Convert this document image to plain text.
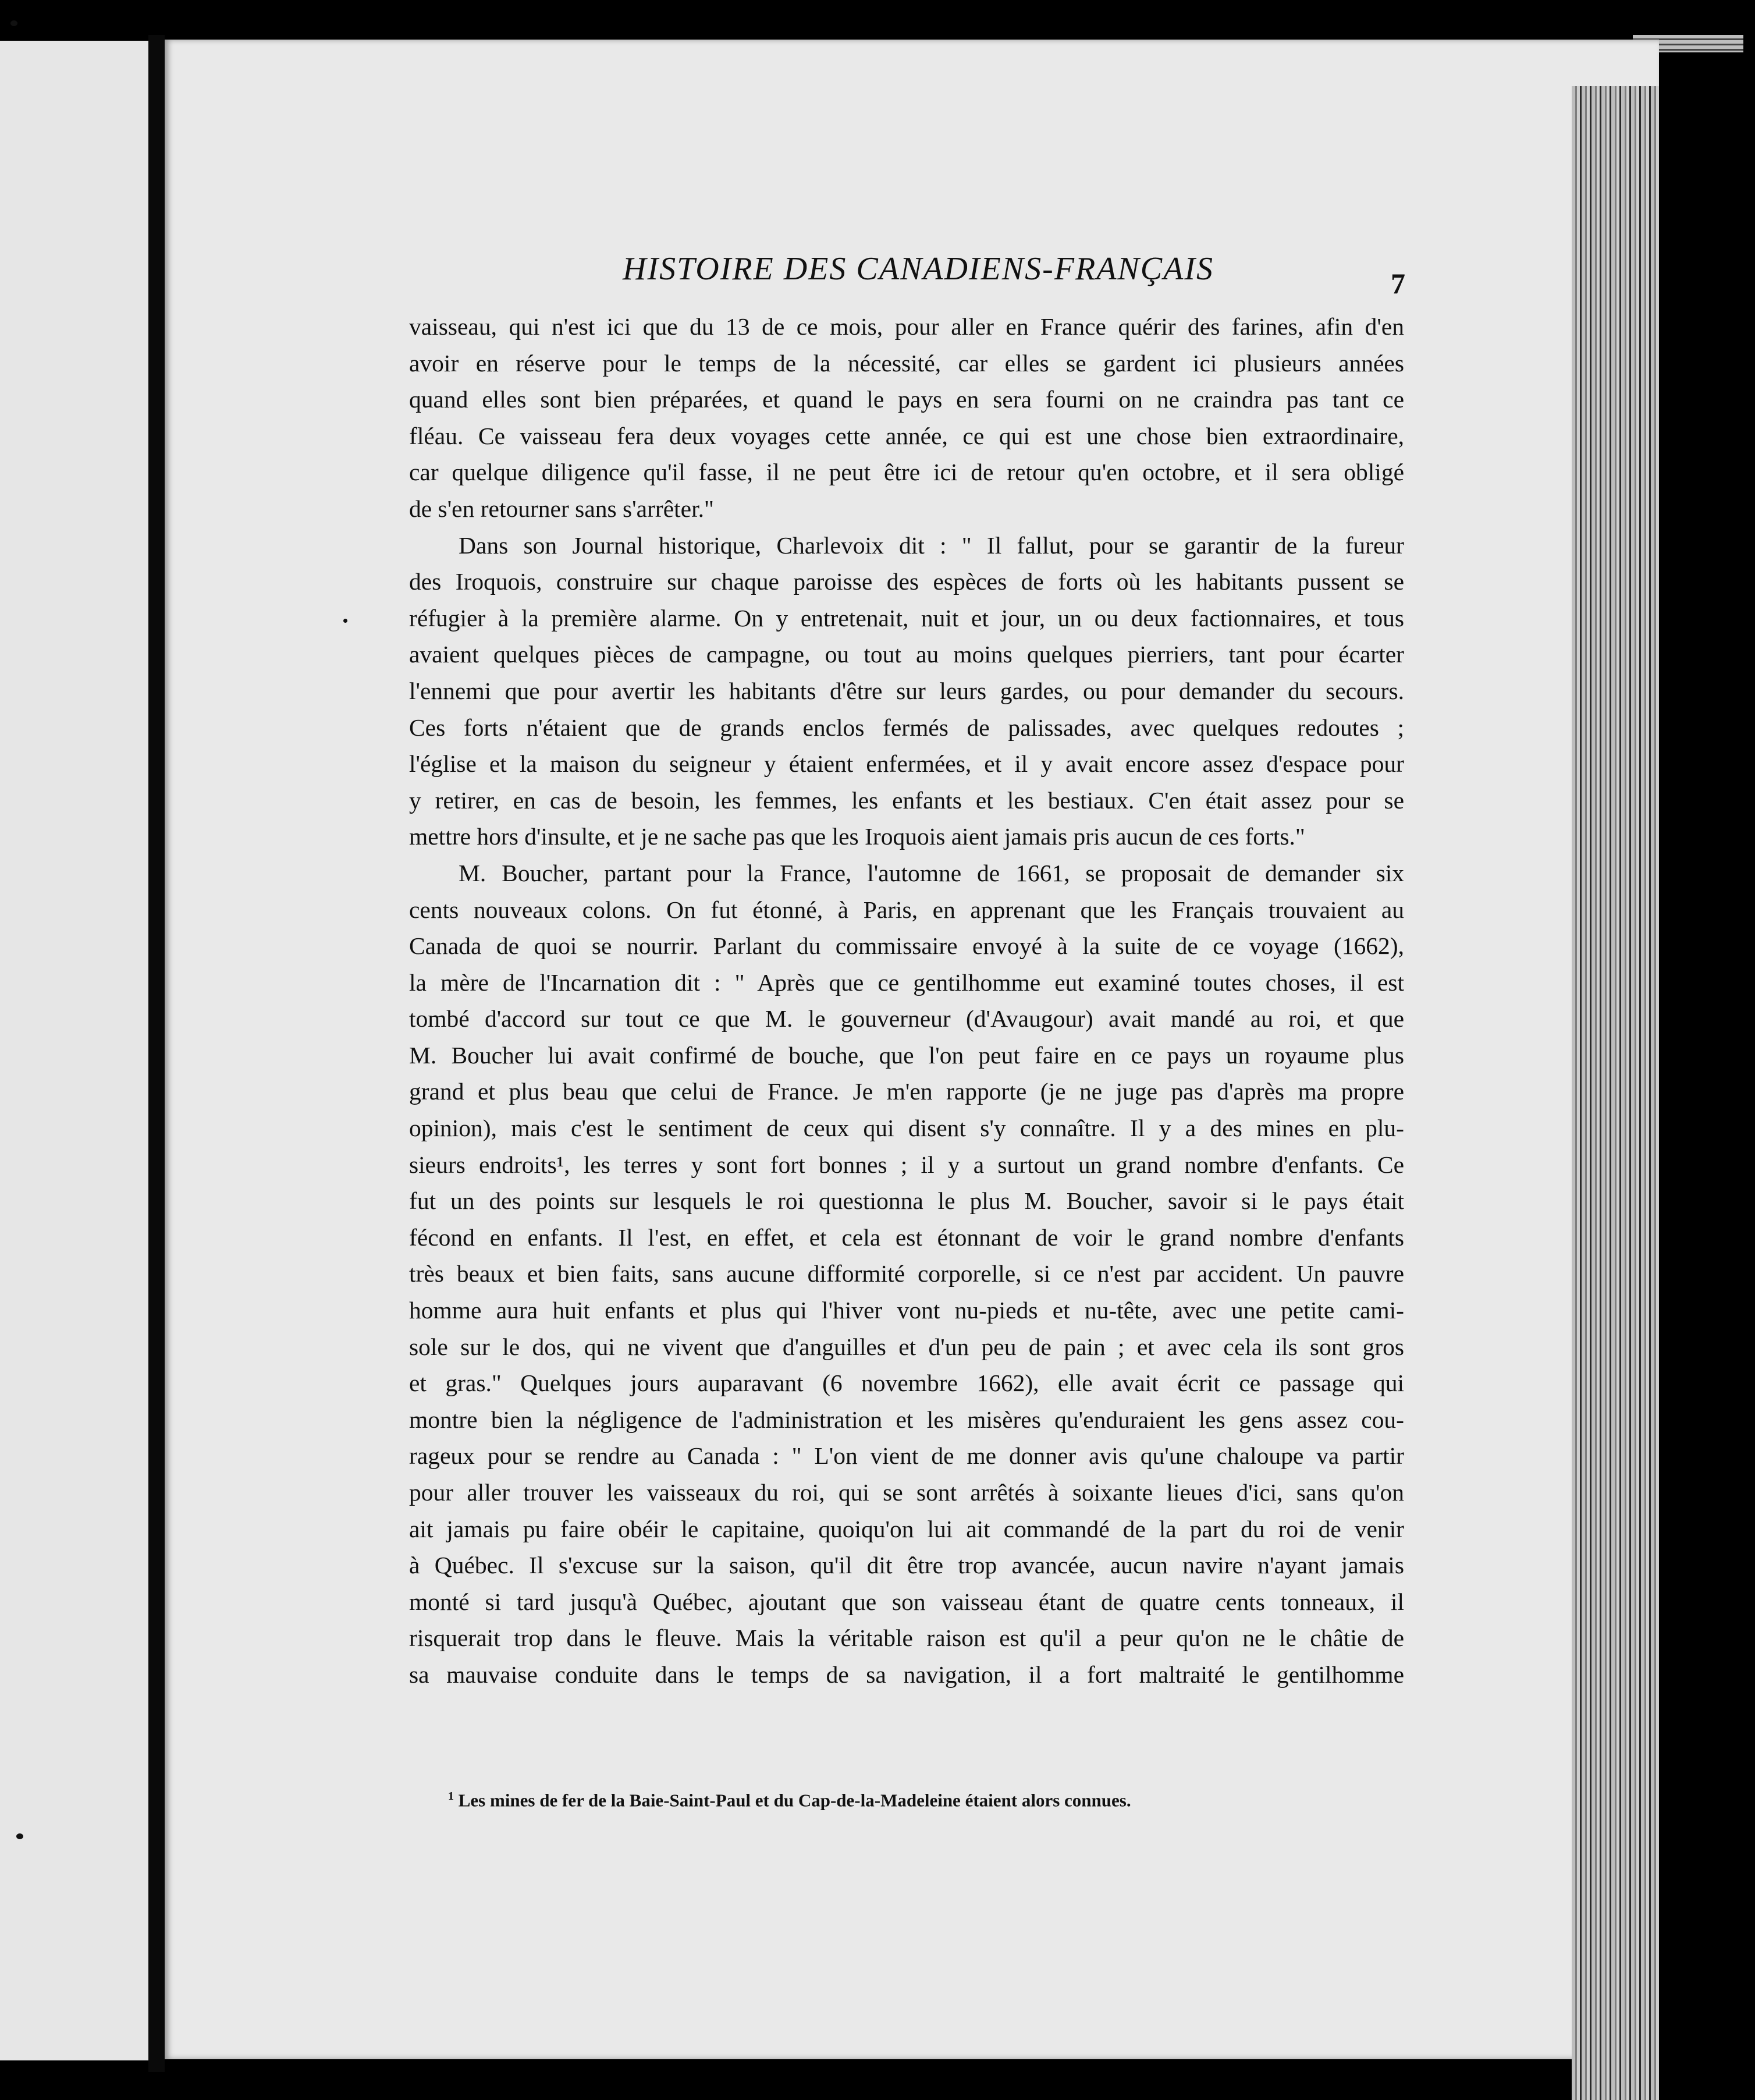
HISTOIRE DES CANADIENS-FRANÇAIS	7
vaisseau, qui n'est ici que du 13 de ce mois, pour aller en France quérir des farines, afin d'en
avoir en réserve pour le temps de la nécessité, car elles se gardent ici plusieurs années
quand elles sont bien préparées, et quand le pays en sera fourni on ne craindra pas tant ce
fléau. Ce vaisseau fera deux voyages cette année, ce qui est une chose bien extraordinaire,
car quelque diligence qu'il fasse, il ne peut être ici de retour qu'en octobre, et il sera obligé
de s'en retourner sans s'arrêter."
Dans son Journal historique, Charlevoix dit : " Il fallut, pour se garantir de la fureur
des Iroquois, construire sur chaque paroisse des espèces de forts où les habitants pussent se
réfugier à la première alarme. On y entretenait, nuit et jour, un ou deux factionnaires, et tous
avaient quelques pièces de campagne, ou tout au moins quelques pierriers, tant pour écarter
l'ennemi que pour avertir les habitants d'être sur leurs gardes, ou pour demander du secours.
Ces forts n'étaient que de grands enclos fermés de palissades, avec quelques redoutes ;
l'église et la maison du seigneur y étaient enfermées, et il y avait encore assez d'espace pour
y retirer, en cas de besoin, les femmes, les enfants et les bestiaux. C'en était assez pour se
mettre hors d'insulte, et je ne sache pas que les Iroquois aient jamais pris aucun de ces forts."
M. Boucher, partant pour la France, l'automne de 1661, se proposait de demander six
cents nouveaux colons. On fut étonné, à Paris, en apprenant que les Français trouvaient au
Canada de quoi se nourrir. Parlant du commissaire envoyé à la suite de ce voyage (1662),
la mère de l'Incarnation dit : " Après que ce gentilhomme eut examiné toutes choses, il est
tombé d'accord sur tout ce que M. le gouverneur (d'Avaugour) avait mandé au roi, et que
M. Boucher lui avait confirmé de bouche, que l'on peut faire en ce pays un royaume plus
grand et plus beau que celui de France. Je m'en rapporte (je ne juge pas d'après ma propre
opinion), mais c'est le sentiment de ceux qui disent s'y connaître. Il y a des mines en plu-
sieurs endroits¹, les terres y sont fort bonnes ; il y a surtout un grand nombre d'enfants. Ce
fut un des points sur lesquels le roi questionna le plus M. Boucher, savoir si le pays était
fécond en enfants. Il l'est, en effet, et cela est étonnant de voir le grand nombre d'enfants
très beaux et bien faits, sans aucune difformité corporelle, si ce n'est par accident. Un pauvre
homme aura huit enfants et plus qui l'hiver vont nu-pieds et nu-tête, avec une petite cami-
sole sur le dos, qui ne vivent que d'anguilles et d'un peu de pain ; et avec cela ils sont gros
et gras." Quelques jours auparavant (6 novembre 1662), elle avait écrit ce passage qui
montre bien la négligence de l'administration et les misères qu'enduraient les gens assez cou-
rageux pour se rendre au Canada : " L'on vient de me donner avis qu'une chaloupe va partir
pour aller trouver les vaisseaux du roi, qui se sont arrêtés à soixante lieues d'ici, sans qu'on
ait jamais pu faire obéir le capitaine, quoiqu'on lui ait commandé de la part du roi de venir
à Québec. Il s'excuse sur la saison, qu'il dit être trop avancée, aucun navire n'ayant jamais
monté si tard jusqu'à Québec, ajoutant que son vaisseau étant de quatre cents tonneaux, il
risquerait trop dans le fleuve. Mais la véritable raison est qu'il a peur qu'on ne le châtie de
sa mauvaise conduite dans le temps de sa navigation, il a fort maltraité le gentilhomme
$^1$ Les mines de fer de la Baie-Saint-Paul et du Cap-de-la-Madeleine étaient alors connues.
